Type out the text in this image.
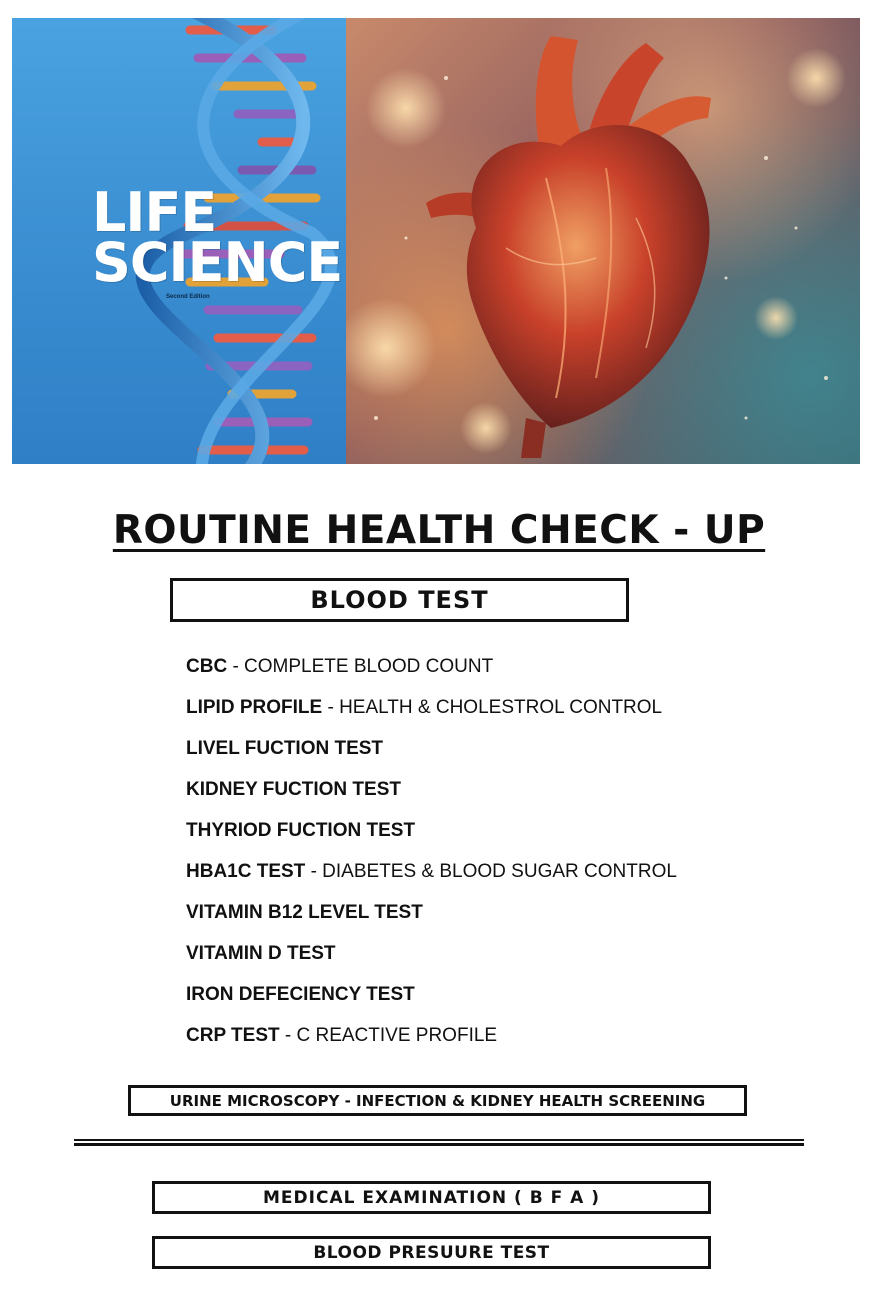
LIFE
SCIENCE
Second Edition
ROUTINE HEALTH CHECK - UP
BLOOD TEST
CBC - COMPLETE BLOOD COUNT
LIPID PROFILE - HEALTH & CHOLESTROL CONTROL
LIVEL FUCTION TEST
KIDNEY FUCTION TEST
THYRIOD FUCTION TEST
HBA1C TEST - DIABETES & BLOOD SUGAR CONTROL
VITAMIN B12 LEVEL TEST
VITAMIN D TEST
IRON DEFECIENCY TEST
CRP TEST - C REACTIVE PROFILE
URINE MICROSCOPY - INFECTION & KIDNEY HEALTH SCREENING
MEDICAL EXAMINATION ( B F A )
BLOOD PRESUURE TEST
